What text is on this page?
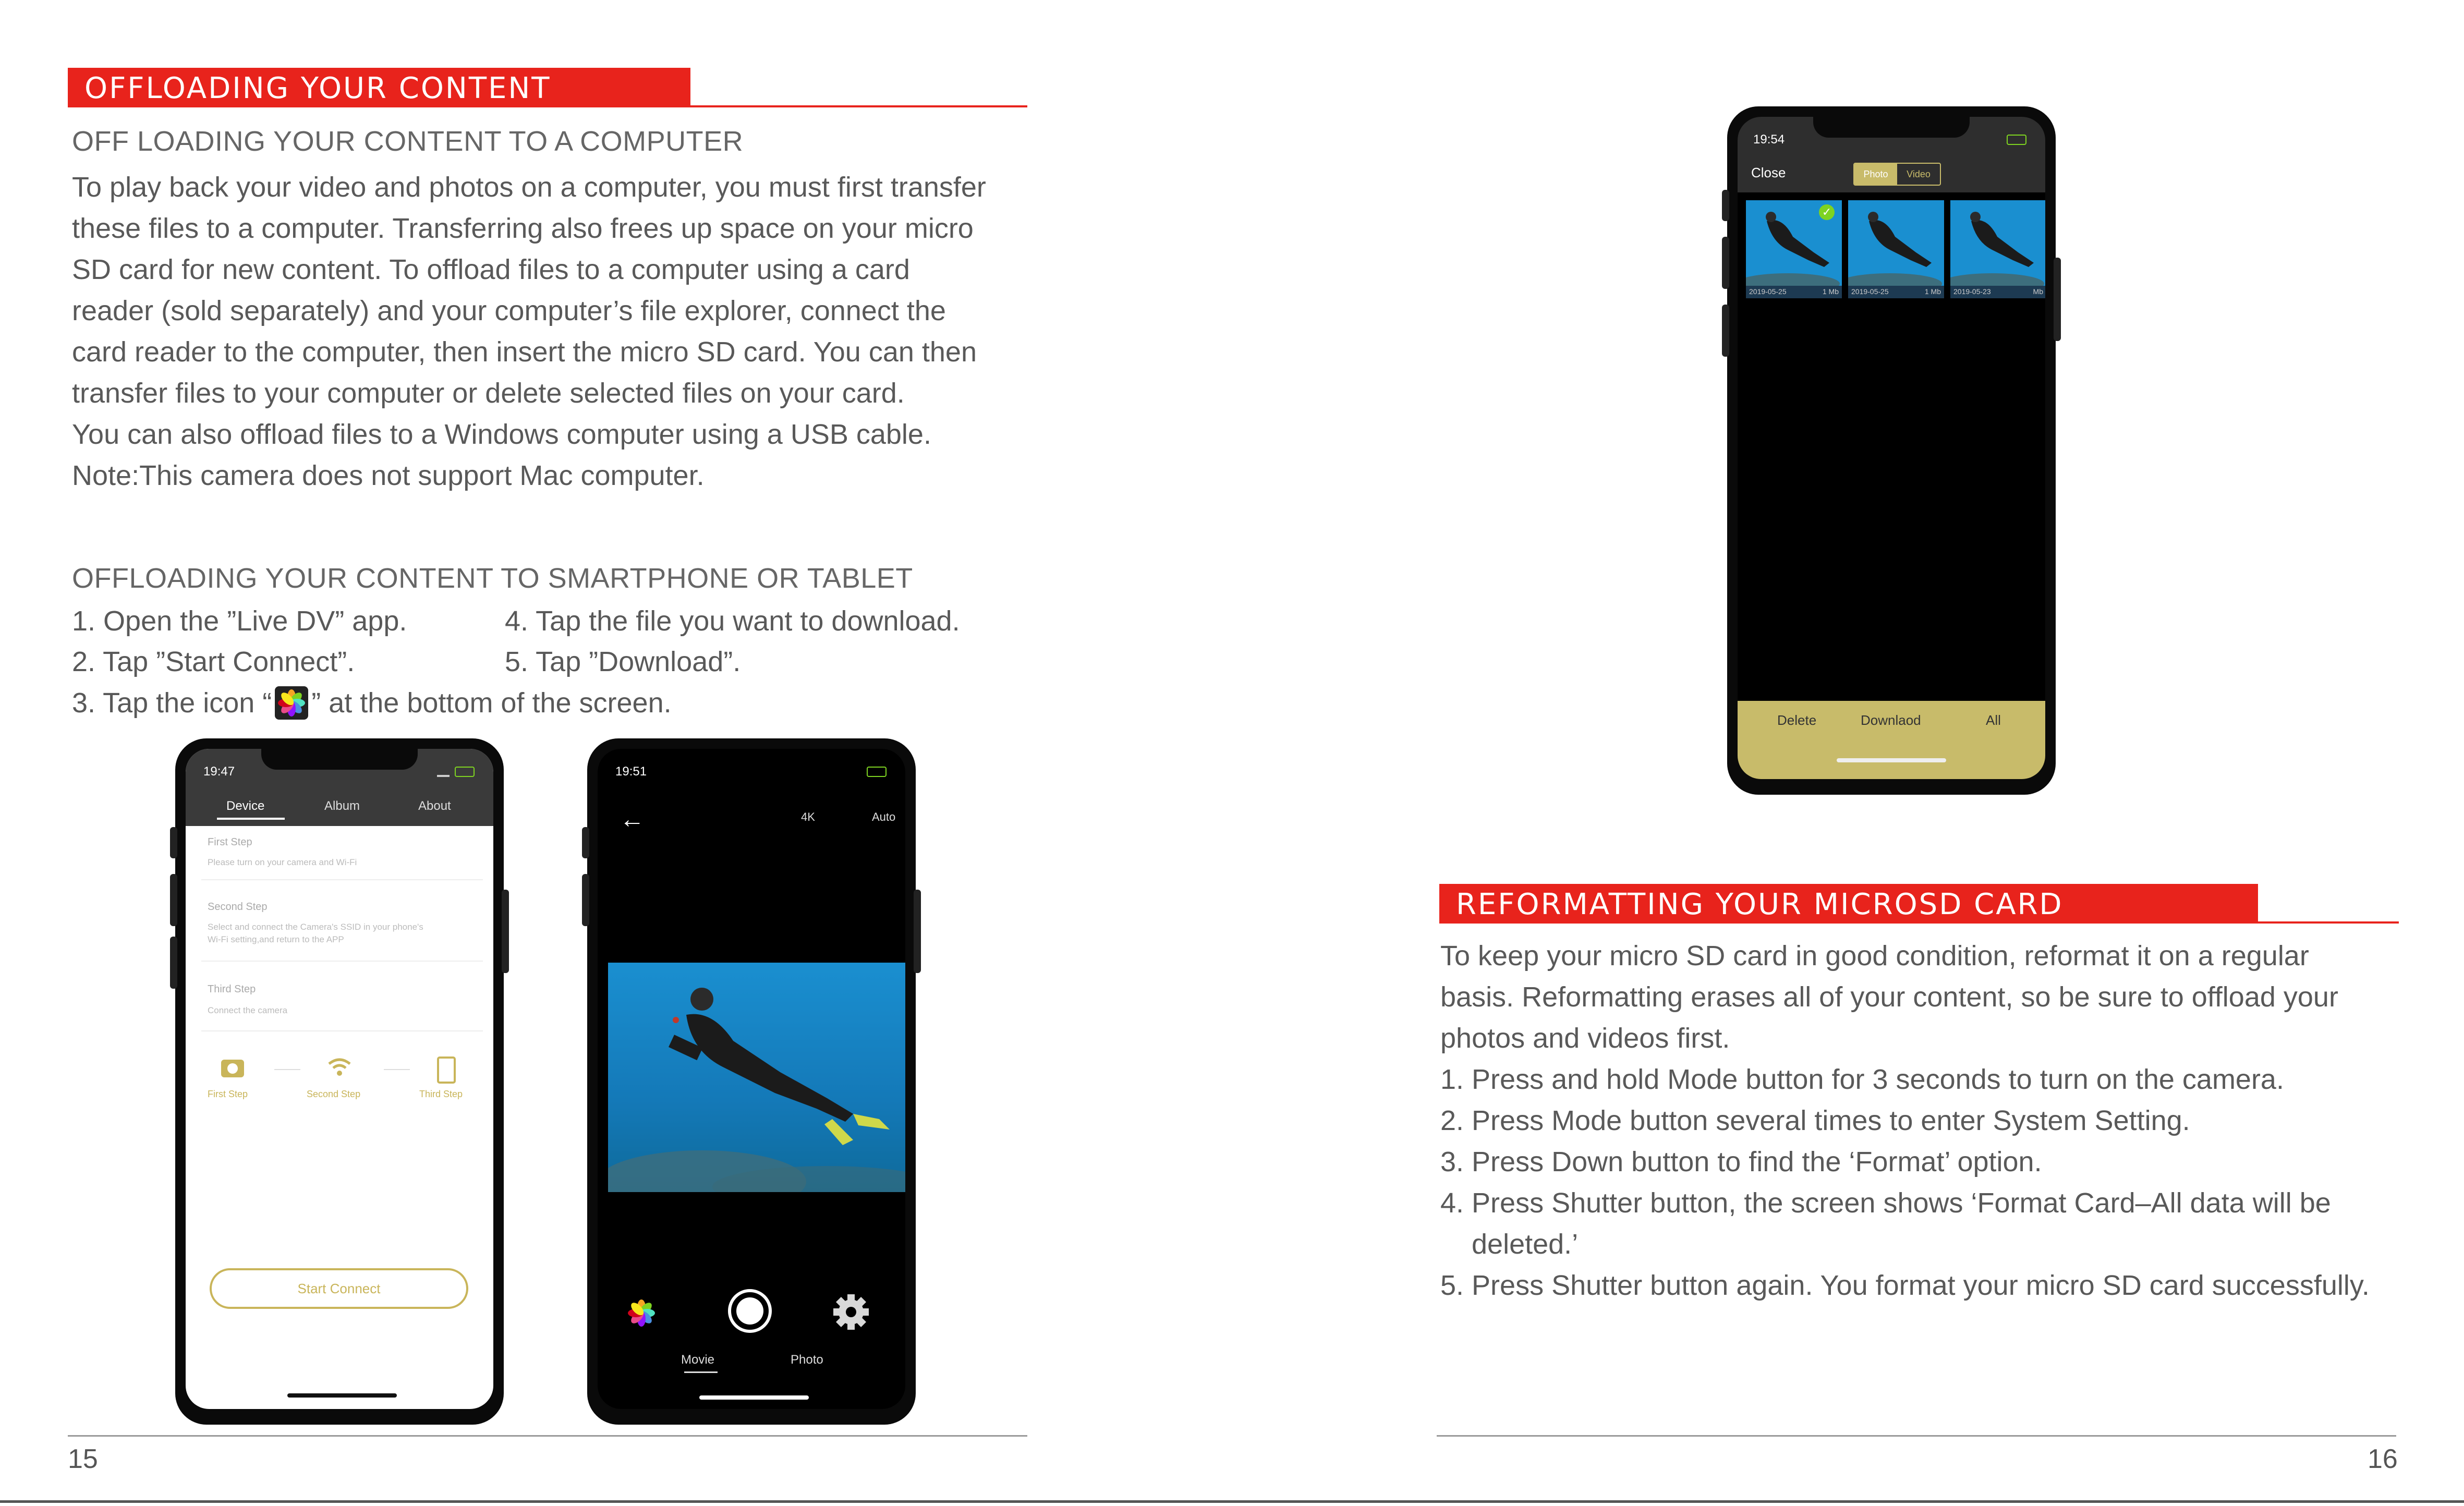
OFFLOADING YOUR CONTENT
OFF LOADING YOUR CONTENT TO A COMPUTER
To play back your video and photos on a computer, you must first transfer
these files to a computer. Transferring also frees up space on your micro
SD card for new content. To offload files to a computer using a card
reader (sold separately) and your computer’s file explorer, connect the
card reader to the computer, then insert the micro SD card. You can then
transfer files to your computer or delete selected files on your card.
You can also offload files to a Windows computer using a USB cable.
Note:This camera does not support Mac computer.
OFFLOADING YOUR CONTENT TO SMARTPHONE OR TABLET
1. Open the ”Live DV” app.
2. Tap ”Start Connect”.
3. Tap the icon “ ” at the bottom of the screen.
4. Tap the file you want to download.
5. Tap ”Download”.
19:47
Device	Album	About
First Step
Please turn on your camera and Wi-Fi
Second Step
Select and connect the Camera's SSID in your phone's
Wi-Fi setting,and return to the APP
Third Step
Connect the camera
First Step	Second Step	Third Step
Start Connect
19:51
←	4K	Auto
Movie	Photo
15
19:54
Close	Photo	Video
✓
2019-05-25	1 Mb 2019-05-25	1 Mb 2019-05-23	Mb
Delete	Downlaod	All
REFORMATTING YOUR MICROSD CARD
To keep your micro SD card in good condition, reformat it on a regular
basis. Reformatting erases all of your content, so be sure to offload your
photos and videos first.
1. Press and hold Mode button for 3 seconds to turn on the camera.
2. Press Mode button several times to enter System Setting.
3. Press Down button to find the ‘Format’ option.
4. Press Shutter button, the screen shows ‘Format Card–All data will be
deleted.’
5. Press Shutter button again. You format your micro SD card successfully.
16
